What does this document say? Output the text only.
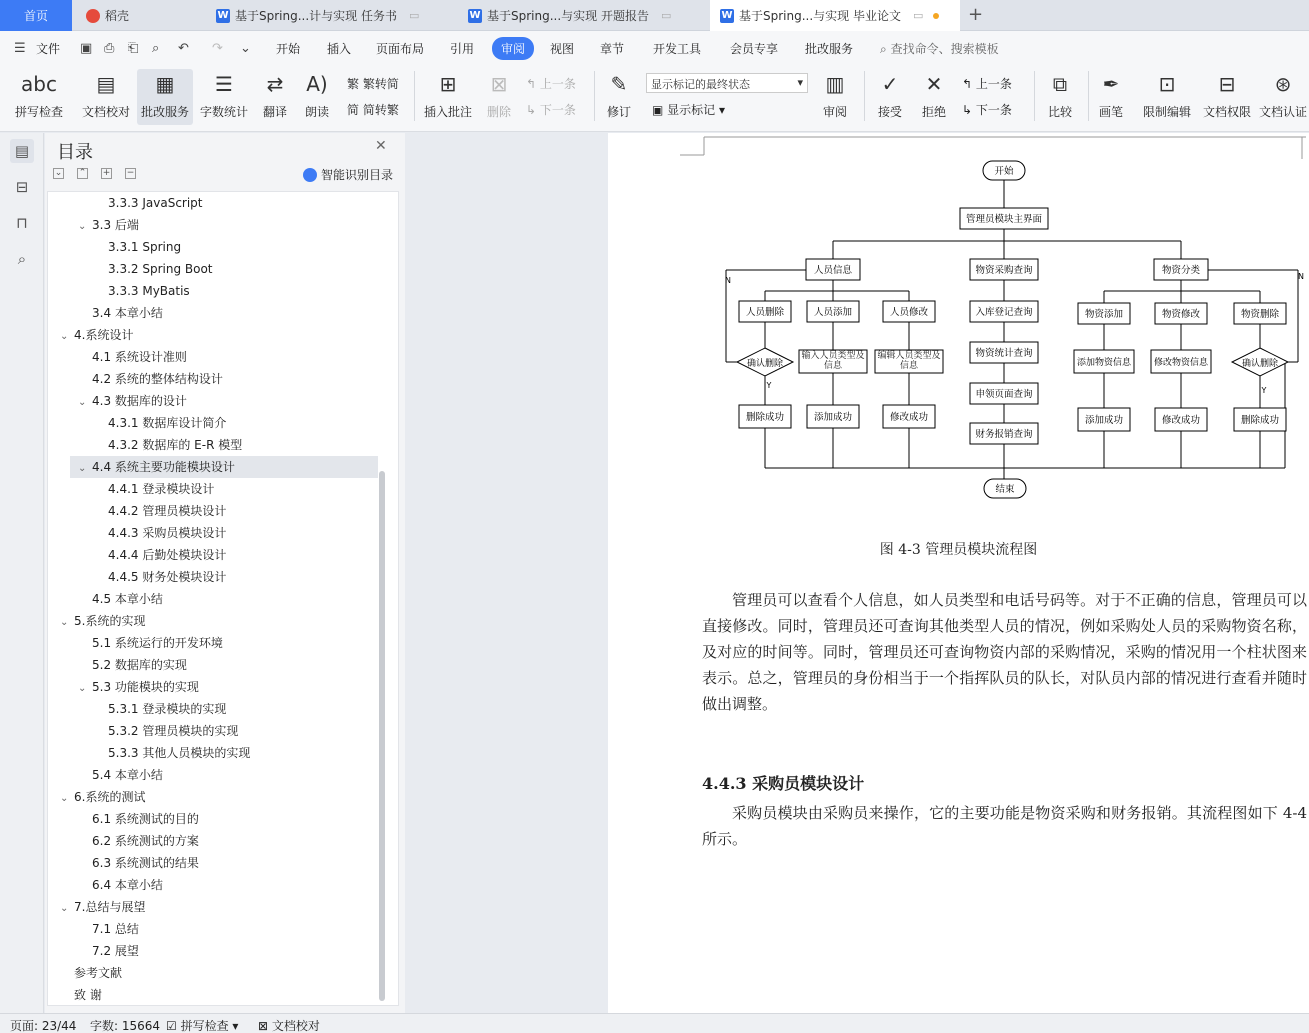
首页	稻壳	W 基于Spring...计与实现 任务书 ▭	W 基于Spring...与实现 开题报告 ▭	W 基于Spring...与实现 毕业论文 ▭ +
☰ 文件 ▣ ⎙ ⎗ ⌕ ↶ ↷ ⌄ 开始 插入 页面布局 引用	审阅	视图 章节 开发工具 会员专享 批改服务 ⌕ 查找命令、搜索模板
abc
拼写检查
▤
文档校对
▦
批改服务
☰
字数统计
⇄
翻译
A)
朗读
繁 繁转简
简 简转繁
⊞
插入批注
⊠
删除
↰ 上一条
↳ 下一条
✎
修订
显示标记的最终状态	▾
▣ 显示标记 ▾
▥
审阅
✓
接受
✕
拒绝
↰ 上一条
↳ 下一条
⧉
比较
✒
画笔
⊡
限制编辑
⊟
文档权限
⊛
文档认证
▤
⊟
⊓
⌕
目录	✕
⌄ ⌃ + −	智能识别目录
3.3.3 JavaScript
⌄ 3.3 后端
3.3.1 Spring
3.3.2 Spring Boot
3.3.3 MyBatis
3.4 本章小结
⌄ 4.系统设计
4.1 系统设计准则
4.2 系统的整体结构设计
⌄ 4.3 数据库的设计
4.3.1 数据库设计简介
4.3.2 数据库的 E-R 模型
⌄ 4.4 系统主要功能模块设计
4.4.1 登录模块设计
4.4.2 管理员模块设计
4.4.3 采购员模块设计
4.4.4 后勤处模块设计
4.4.5 财务处模块设计
4.5 本章小结
⌄ 5.系统的实现
5.1 系统运行的开发环境
5.2 数据库的实现
⌄ 5.3 功能模块的实现
5.3.1 登录模块的实现
5.3.2 管理员模块的实现
5.3.3 其他人员模块的实现
5.4 本章小结
⌄ 6.系统的测试
6.1 系统测试的目的
6.2 系统测试的方案
6.3 系统测试的结果
6.4 本章小结
⌄ 7.总结与展望
7.1 总结
7.2 展望
参考文献
致 谢
开始
管理员模块主界面
人员信息	物资采购查询	物资分类
人员删除	人员添加	人员修改
确认删除
输入人员类型及信息
编辑人员类型及信息
删除成功	添加成功	修改成功
入库登记查询
物资统计查询
申领页面查询
财务报销查询
物资添加	物资修改	物资删除
添加物资信息	修改物资信息	确认删除
添加成功	修改成功	删除成功
结束
N	N
Y
Y
图 4-3 管理员模块流程图
管理员可以查看个人信息，如人员类型和电话号码等。对于不正确的信息，管理员可以直接修改。同时，管理员还可查询其他类型人员的情况，例如采购处人员的采购物资名称，及对应的时间等。同时，管理员还可查询物资内部的采购情况，采购的情况用一个柱状图来表示。总之，管理员的身份相当于一个指挥队员的队长，对队员内部的情况进行查看并随时做出调整。
4.4.3 采购员模块设计
采购员模块由采购员来操作，它的主要功能是物资采购和财务报销。其流程图如下 4-4 所示。
页面: 23/44 字数: 15664 ☑ 拼写检查 ▾ ⊠ 文档校对
